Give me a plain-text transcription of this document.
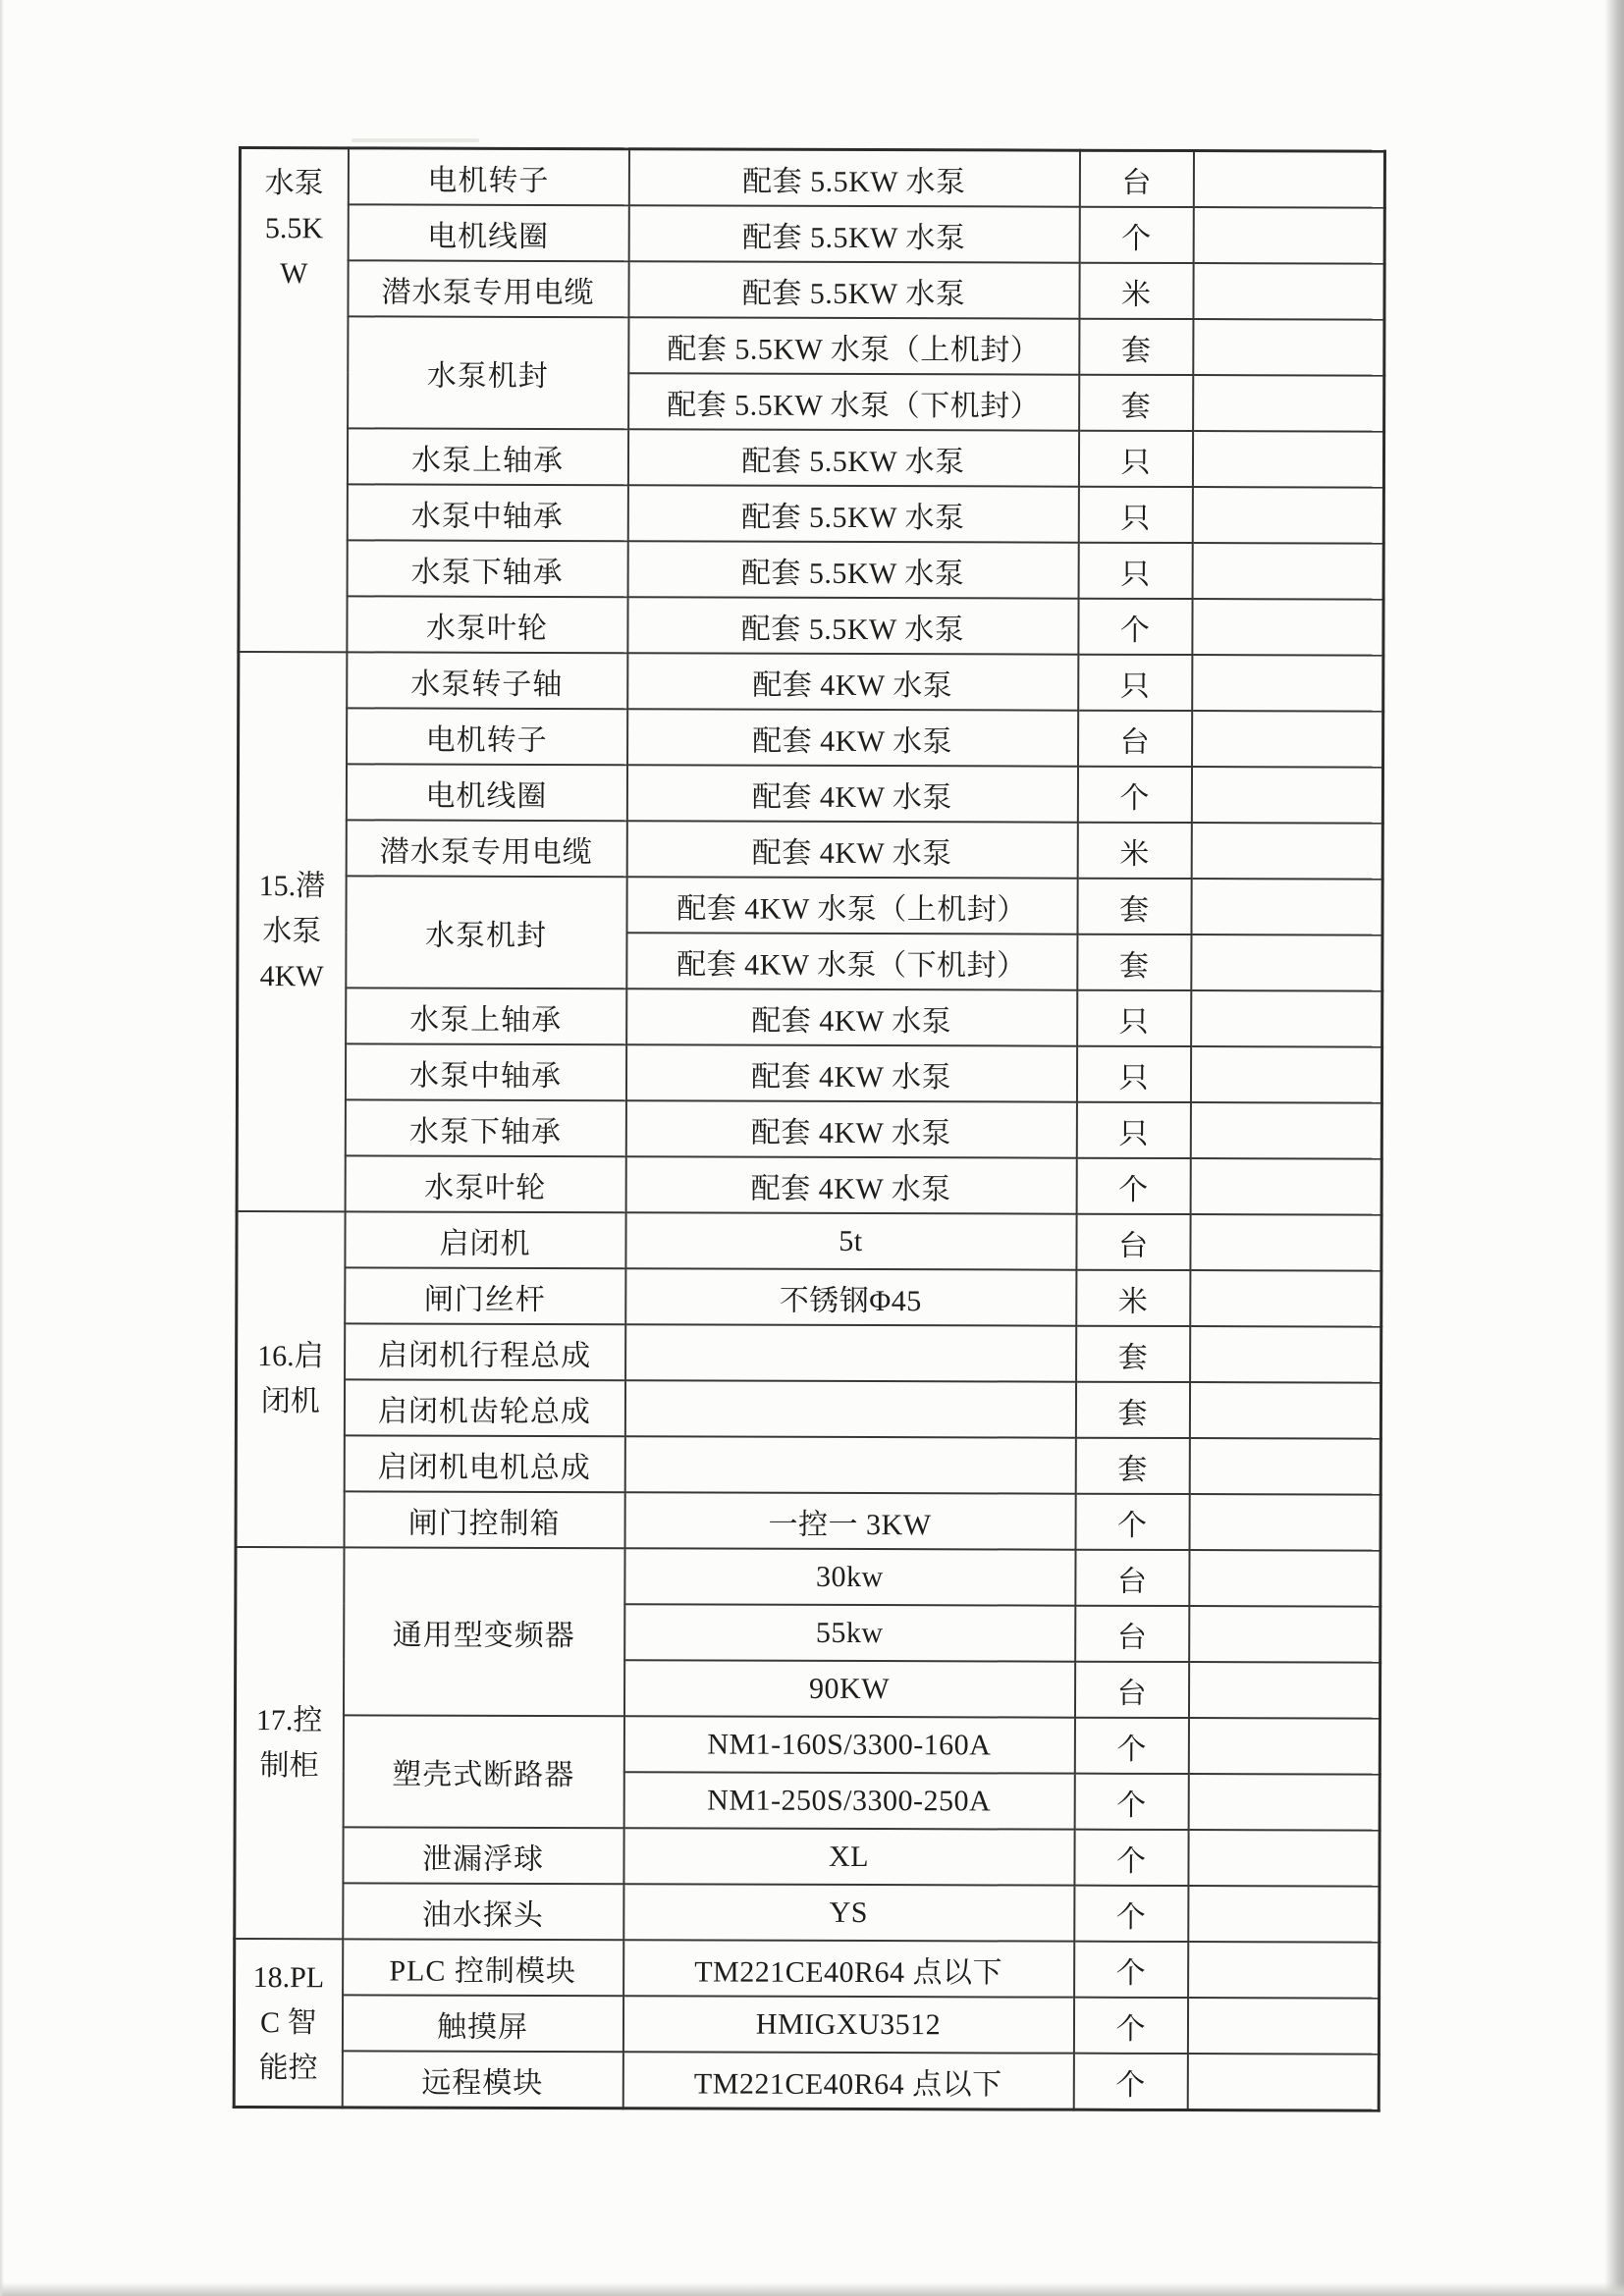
水泵
5.5K
W	电机转子	配套 5.5KW 水泵	台	
	电机线圈	配套 5.5KW 水泵	个	
	潜水泵专用电缆	配套 5.5KW 水泵	米	
	水泵机封	配套 5.5KW 水泵（上机封）	套	
		配套 5.5KW 水泵（下机封）	套	
	水泵上轴承	配套 5.5KW 水泵	只	
	水泵中轴承	配套 5.5KW 水泵	只	
	水泵下轴承	配套 5.5KW 水泵	只	
	水泵叶轮	配套 5.5KW 水泵	个	

15.潜
水泵
4KW	水泵转子轴	配套 4KW 水泵	只	
	电机转子	配套 4KW 水泵	台	
	电机线圈	配套 4KW 水泵	个	
	潜水泵专用电缆	配套 4KW 水泵	米	
	水泵机封	配套 4KW 水泵（上机封）	套	
		配套 4KW 水泵（下机封）	套	
	水泵上轴承	配套 4KW 水泵	只	
	水泵中轴承	配套 4KW 水泵	只	
	水泵下轴承	配套 4KW 水泵	只	
	水泵叶轮	配套 4KW 水泵	个	

16.启
闭机	启闭机	5t	台	
	闸门丝杆	不锈钢Φ45	米	
	启闭机行程总成		套	
	启闭机齿轮总成		套	
	启闭机电机总成		套	
	闸门控制箱	一控一 3KW	个	

17.控
制柜	通用型变频器	30kw	台	
		55kw	台	
		90KW	台	
	塑壳式断路器	NM1-160S/3300-160A	个	
		NM1-250S/3300-250A	个	
	泄漏浮球	XL	个	
	油水探头	YS	个	

18.PL
C 智
能控	PLC 控制模块	TM221CE40R64 点以下	个	
	触摸屏	HMIGXU3512	个	
	远程模块	TM221CE40R64 点以下	个	
